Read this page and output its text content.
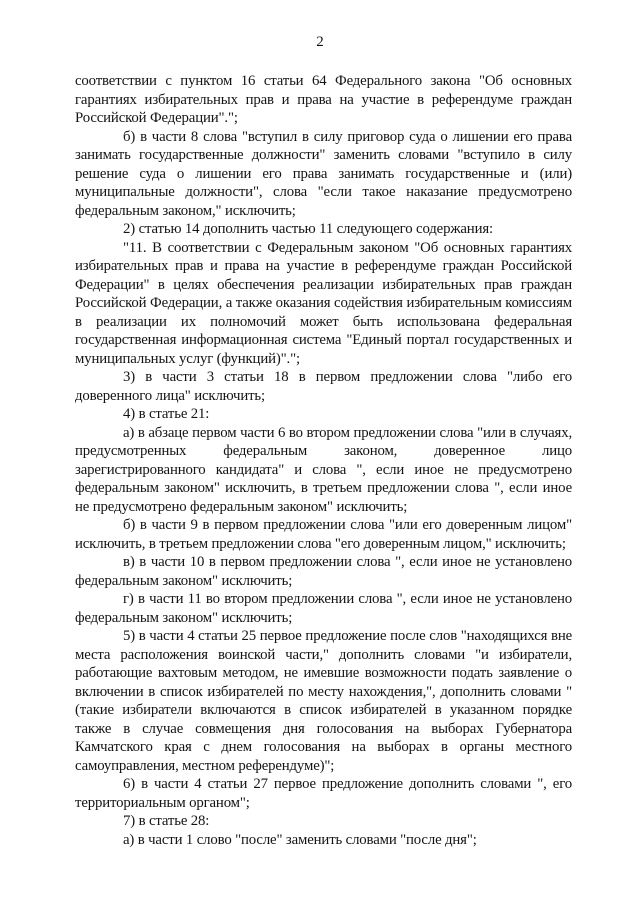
2

соответствии с пунктом 16 статьи 64 Федерального закона "Об основных гарантиях избирательных прав и права на участие в референдуме граждан Российской Федерации".";

б) в части 8 слова "вступил в силу приговор суда о лишении его права занимать государственные должности" заменить словами "вступило в силу решение суда о лишении его права занимать государственные и (или) муниципальные должности", слова "если такое наказание предусмотрено федеральным законом," исключить;

2) статью 14 дополнить частью 11 следующего содержания:

"11. В соответствии с Федеральным законом "Об основных гарантиях избирательных прав и права на участие в референдуме граждан Российской Федерации" в целях обеспечения реализации избирательных прав граждан Российской Федерации, а также оказания содействия избирательным комиссиям в реализации их полномочий может быть использована федеральная государственная информационная система "Единый портал государственных и муниципальных услуг (функций)".";

3) в части 3 статьи 18 в первом предложении слова "либо его доверенного лица" исключить;

4) в статье 21:

а) в абзаце первом части 6 во втором предложении слова "или в случаях, предусмотренных федеральным законом, доверенное лицо зарегистрированного кандидата" и слова ", если иное не предусмотрено федеральным законом" исключить, в третьем предложении слова ", если иное не предусмотрено федеральным законом" исключить;

б) в части 9 в первом предложении слова "или его доверенным лицом" исключить, в третьем предложении слова "его доверенным лицом," исключить;

в) в части 10 в первом предложении слова ", если иное не установлено федеральным законом" исключить;

г) в части 11 во втором предложении слова ", если иное не установлено федеральным законом" исключить;

5) в части 4 статьи 25 первое предложение после слов "находящихся вне места расположения воинской части," дополнить словами "и избиратели, работающие вахтовым методом, не имевшие возможности подать заявление о включении в список избирателей по месту нахождения,", дополнить словами "(такие избиратели включаются в список избирателей в указанном порядке также в случае совмещения дня голосования на выборах Губернатора Камчатского края с днем голосования на выборах в органы местного самоуправления, местном референдуме)";

6) в части 4 статьи 27 первое предложение дополнить словами ", его территориальным органом";

7) в статье 28:

а) в части 1 слово "после" заменить словами "после дня";
